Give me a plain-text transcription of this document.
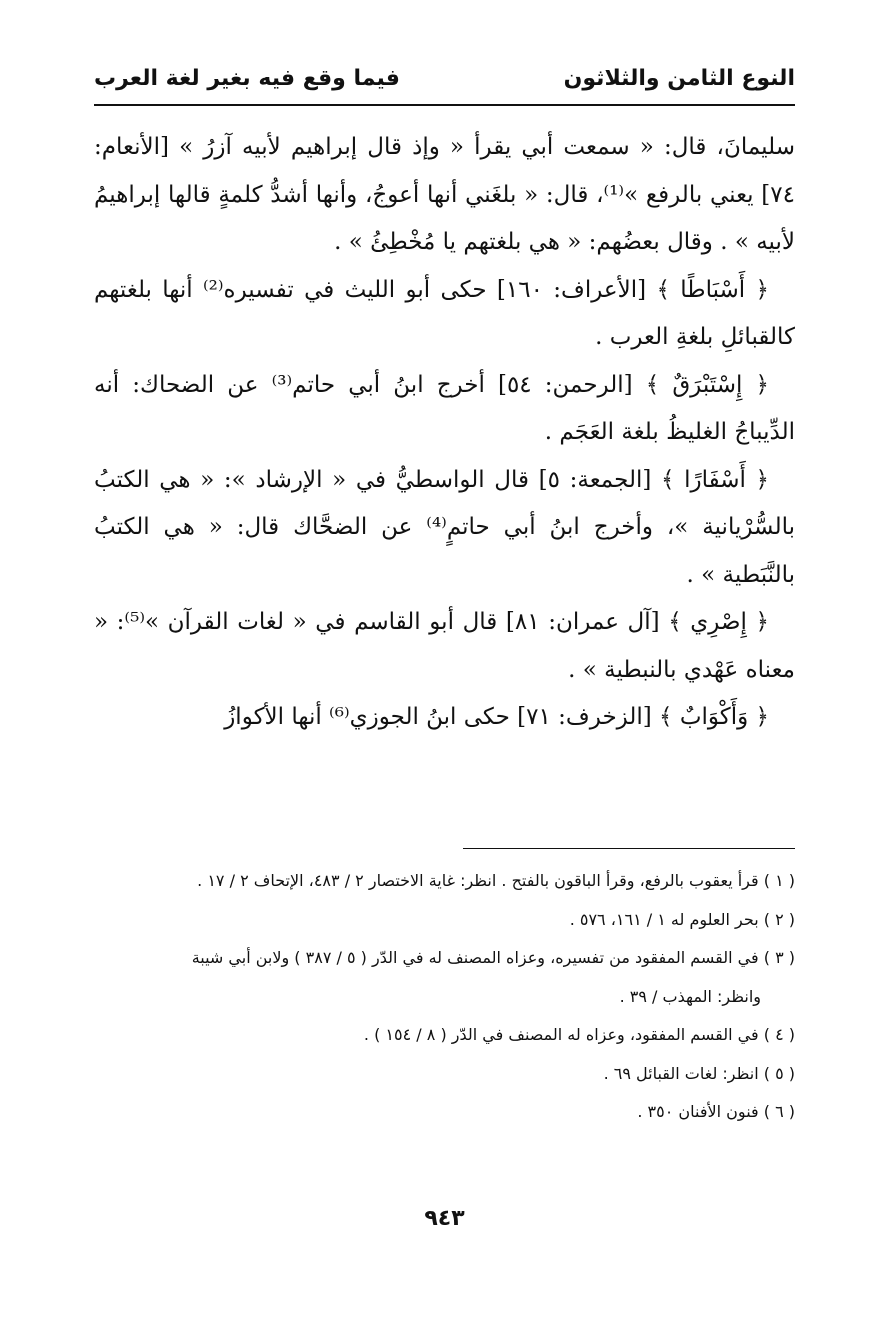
النوع الثامن والثلاثون
فيما وقع فيه بغير لغة العرب

سليمانَ، قال: « سمعت أبي يقرأ « وإذ قال إبراهيم لأبيه آزرُ » [الأنعام: ٧٤] يعني بالرفع »⁽¹⁾، قال: « بلغَني أنها أعوجُ، وأنها أشدُّ كلمةٍ قالها إبراهيمُ لأبيه » . وقال بعضُهم: « هي بلغتهم يا مُخْطِئُ » .

﴿ أَسْبَاطًا ﴾ [الأعراف: ١٦٠] حكى أبو الليث في تفسيره⁽²⁾ أنها بلغتهم كالقبائلِ بلغةِ العرب .

﴿ إِسْتَبْرَقٌ ﴾ [الرحمن: ٥٤] أخرج ابنُ أبي حاتم⁽³⁾ عن الضحاك: أنه الدِّيباجُ الغليظُ بلغة العَجَم .

﴿ أَسْفَارًا ﴾ [الجمعة: ٥] قال الواسطيُّ في « الإرشاد »: « هي الكتبُ بالسُّرْيانية »، وأخرج ابنُ أبي حاتمٍ⁽⁴⁾ عن الضحَّاك قال: « هي الكتبُ بالنَّبَطية » .

﴿ إِصْرِي ﴾ [آل عمران: ٨١] قال أبو القاسم في « لغات القرآن »⁽⁵⁾: « معناه عَهْدي بالنبطية » .

﴿ وَأَكْوَابٌ ﴾ [الزخرف: ٧١] حكى ابنُ الجوزي⁽⁶⁾ أنها الأكوازُ

( ١ ) قرأ يعقوب بالرفع، وقرأ الباقون بالفتح . انظر: غاية الاختصار ٢ / ٤٨٣، الإتحاف ٢ / ١٧ .

( ٢ ) بحر العلوم له ١ / ١٦١، ٥٧٦ .

( ٣ ) في القسم المفقود من تفسيره، وعزاه المصنف له في الدّر ( ٥ / ٣٨٧ ) ولابن أبي شيبة

وانظر: المهذب / ٣٩ .

( ٤ ) في القسم المفقود، وعزاه له المصنف في الدّر ( ٨ / ١٥٤ ) .

( ٥ ) انظر: لغات القبائل ٦٩ .

( ٦ ) فنون الأفنان ٣٥٠ .

٩٤٣
